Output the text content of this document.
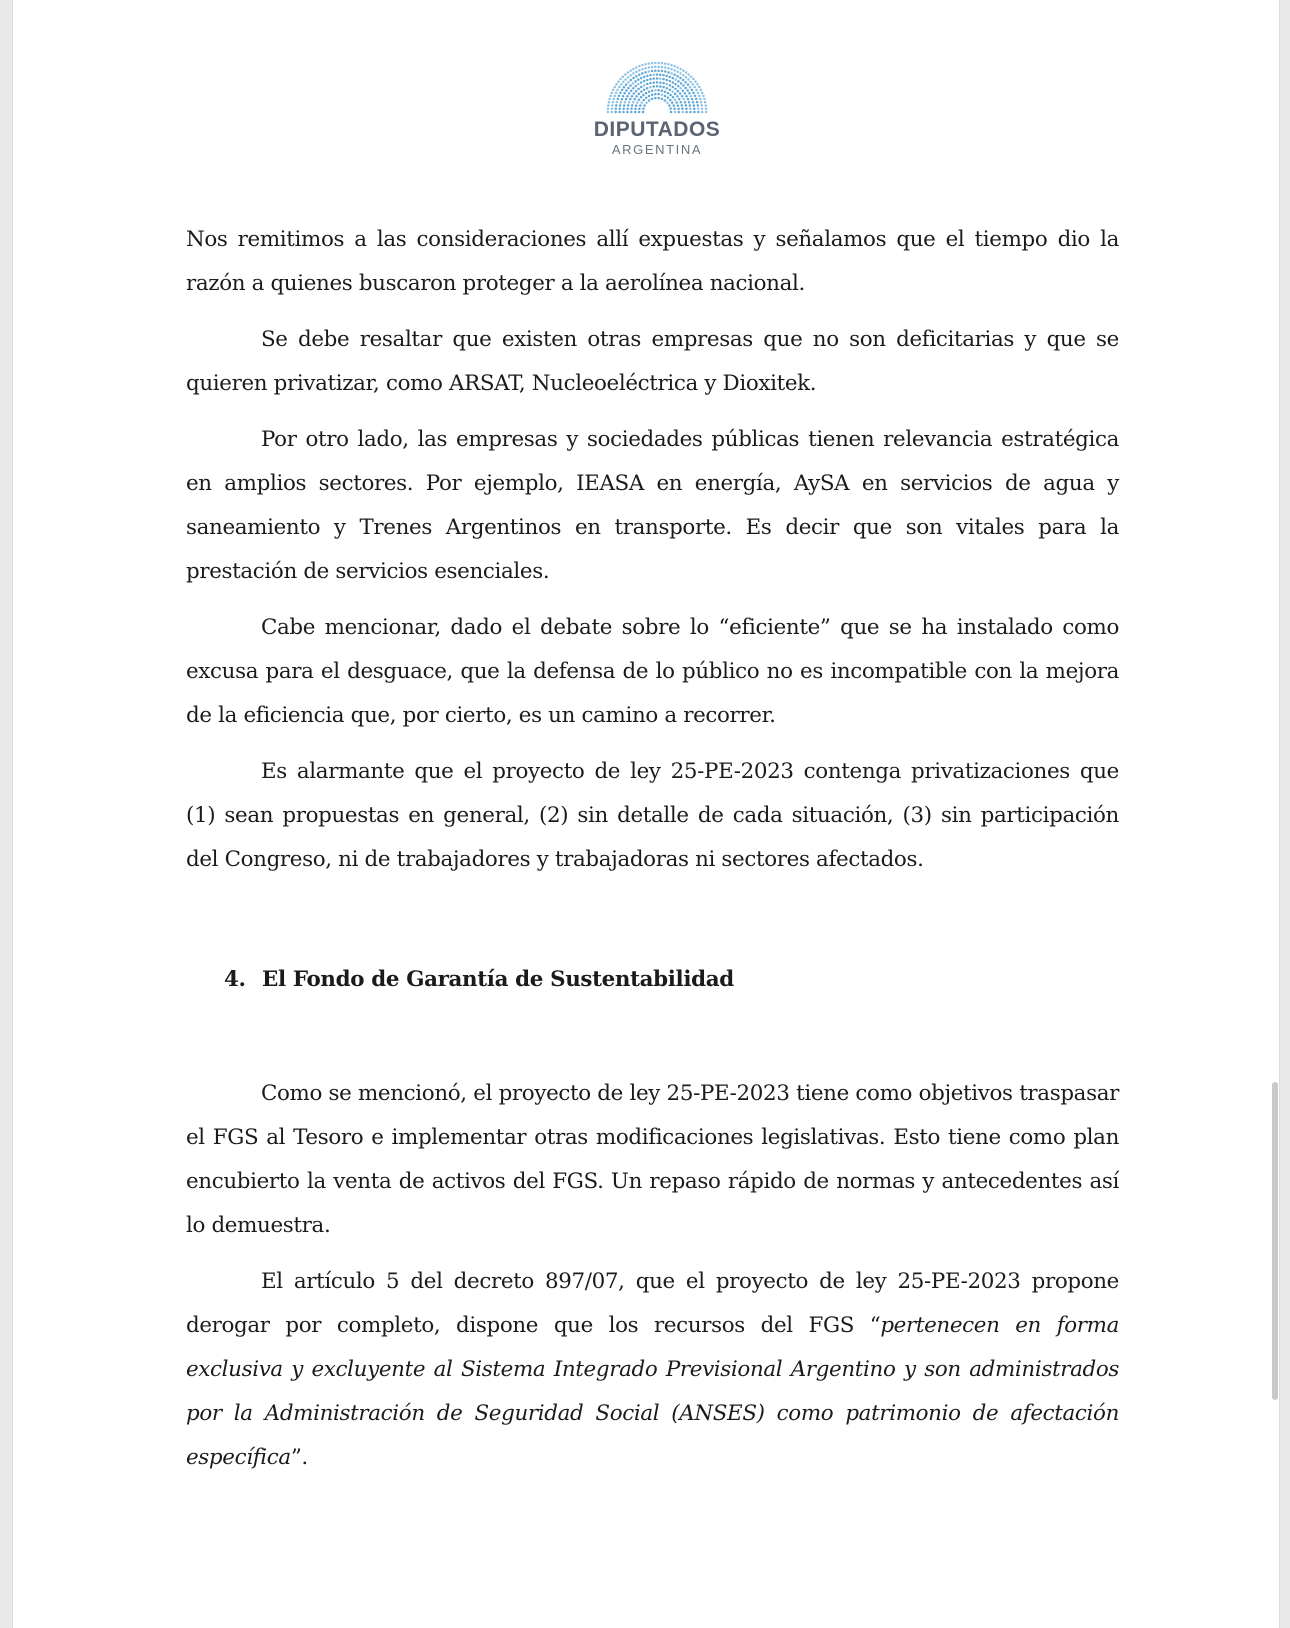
DIPUTADOS
ARGENTINA

Nos remitimos a las consideraciones allí expuestas y señalamos que el tiempo dio la razón a quienes buscaron proteger a la aerolínea nacional.

Se debe resaltar que existen otras empresas que no son deficitarias y que se quieren privatizar, como ARSAT, Nucleoeléctrica y Dioxitek.

Por otro lado, las empresas y sociedades públicas tienen relevancia estratégica en amplios sectores. Por ejemplo, IEASA en energía, AySA en servicios de agua y saneamiento y Trenes Argentinos en transporte. Es decir que son vitales para la prestación de servicios esenciales.

Cabe mencionar, dado el debate sobre lo “eficiente” que se ha instalado como excusa para el desguace, que la defensa de lo público no es incompatible con la mejora de la eficiencia que, por cierto, es un camino a recorrer.

Es alarmante que el proyecto de ley 25-PE-2023 contenga privatizaciones que (1) sean propuestas en general, (2) sin detalle de cada situación, (3) sin participación del Congreso, ni de trabajadores y trabajadoras ni sectores afectados.

4. El Fondo de Garantía de Sustentabilidad

Como se mencionó, el proyecto de ley 25-PE-2023 tiene como objetivos traspasar el FGS al Tesoro e implementar otras modificaciones legislativas. Esto tiene como plan encubierto la venta de activos del FGS. Un repaso rápido de normas y antecedentes así lo demuestra.

El artículo 5 del decreto 897/07, que el proyecto de ley 25-PE-2023 propone derogar por completo, dispone que los recursos del FGS “pertenecen en forma exclusiva y excluyente al Sistema Integrado Previsional Argentino y son administrados por la Administración de Seguridad Social (ANSES) como patrimonio de afectación específica”.
